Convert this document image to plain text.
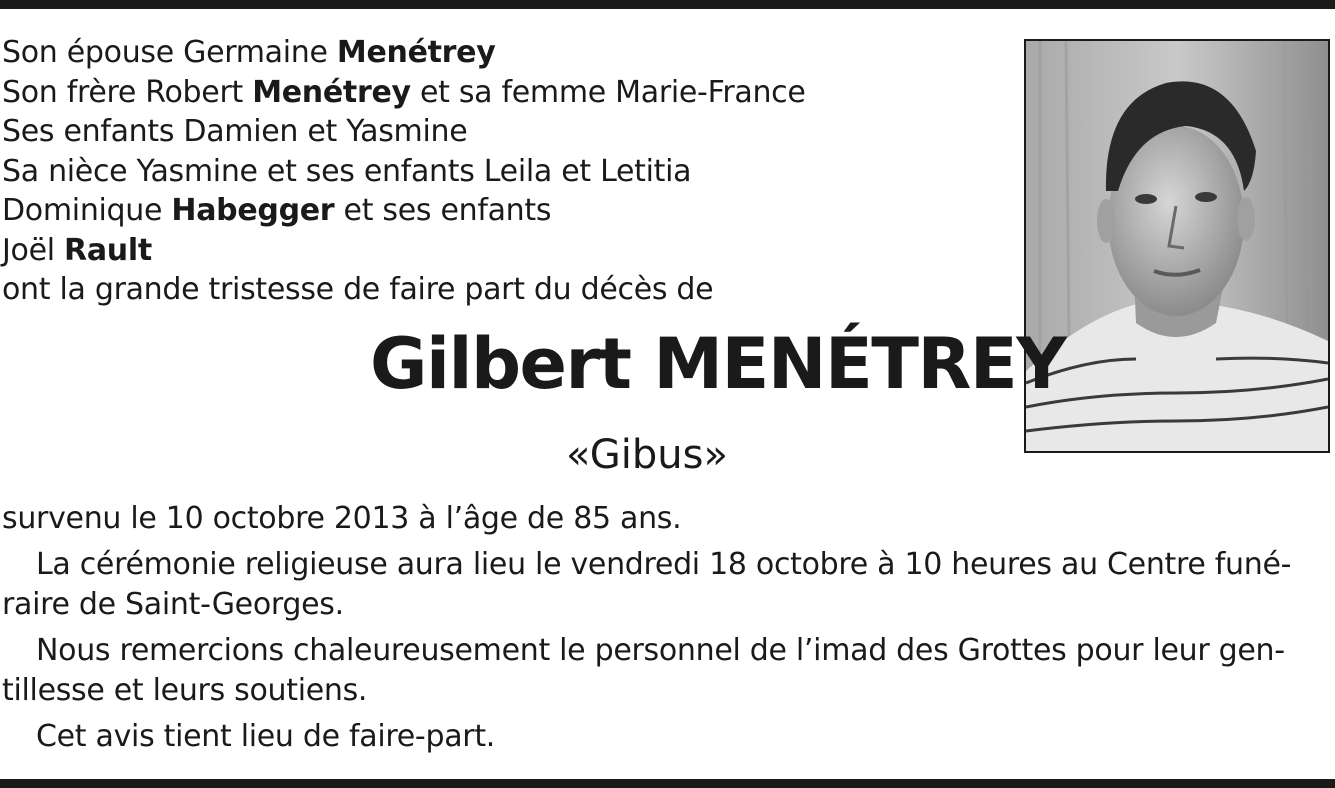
Son épouse Germaine Menétrey
Son frère Robert Menétrey et sa femme Marie-France
Ses enfants Damien et Yasmine
Sa nièce Yasmine et ses enfants Leila et Letitia
Dominique Habegger et ses enfants
Joël Rault
ont la grande tristesse de faire part du décès de
Gilbert MENÉTREY
«Gibus»
survenu le 10 octobre 2013 à l’âge de 85 ans.
La cérémonie religieuse aura lieu le vendredi 18 octobre à 10 heures au Centre funé-
raire de Saint-Georges.
Nous remercions chaleureusement le personnel de l’imad des Grottes pour leur gen-
tillesse et leurs soutiens.
Cet avis tient lieu de faire-part.
